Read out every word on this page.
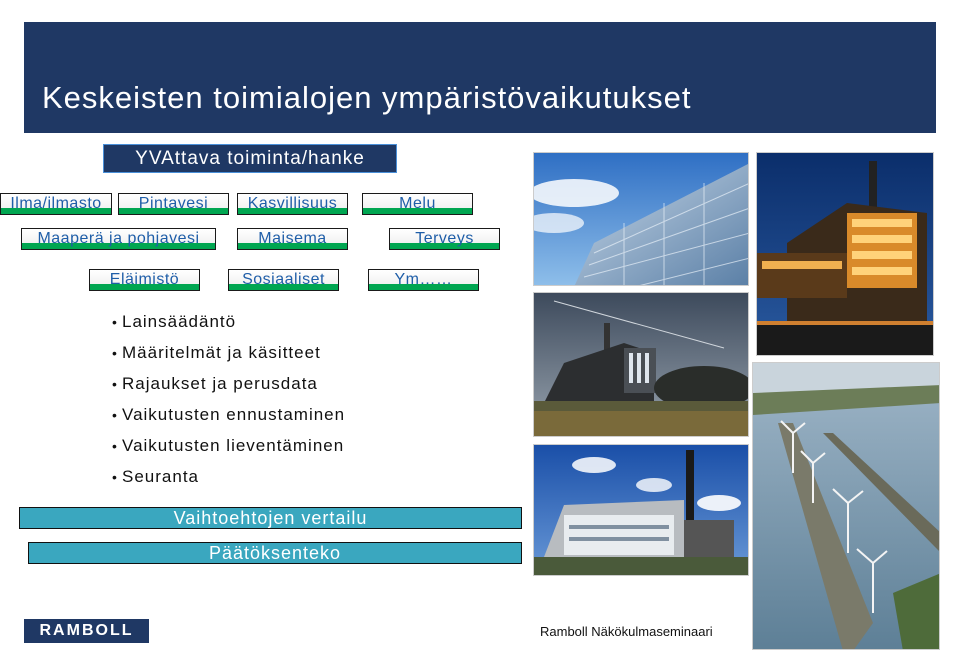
Keskeisten toimialojen ympäristövaikutukset
YVAttava toiminta/hanke
Ilma/ilmasto	Pintavesi	Kasvillisuus	Melu
Maaperä ja pohjavesi	Maisema	Terveys
Eläimistö	Sosiaaliset	Ym……
• Lainsäädäntö
• Määritelmät ja käsitteet
• Rajaukset ja perusdata
• Vaikutusten ennustaminen
• Vaikutusten lieventäminen
• Seuranta
Vaihtoehtojen vertailu
Päätöksenteko
RAMBOLL	Ramboll Näkökulmaseminaari
